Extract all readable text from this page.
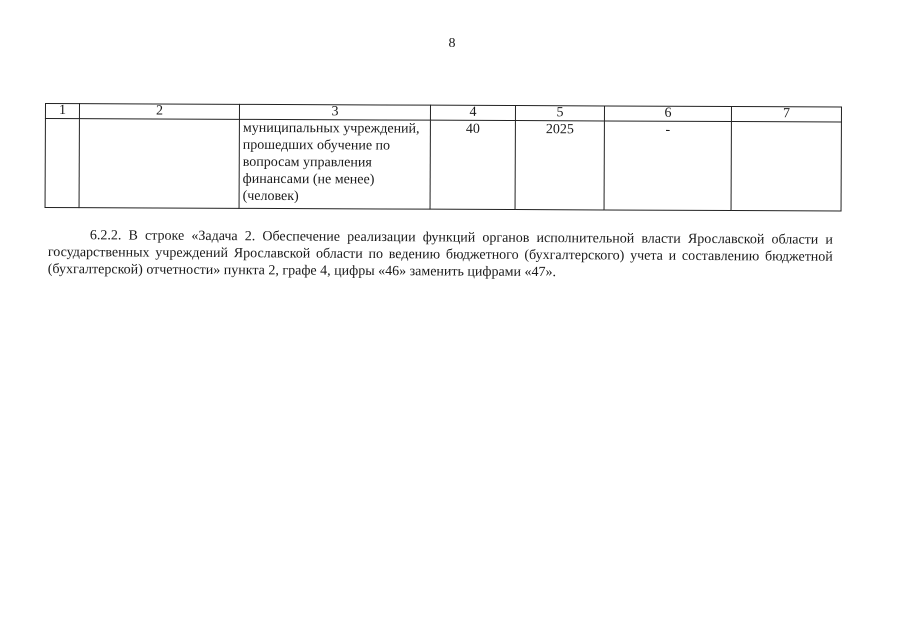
8
1	2	3	4	5	6	7
		муниципальных учреждений, прошедших обучение по вопросам управления финансами (не менее) (человек)	40	2025	-	

6.2.2. В строке «Задача 2. Обеспечение реализации функций органов исполнительной власти Ярославской области и государственных учреждений Ярославской области по ведению бюджетного (бухгалтерского) учета и составлению бюджетной (бухгалтерской) отчетности» пункта 2, графе 4, цифры «46» заменить цифрами «47».
